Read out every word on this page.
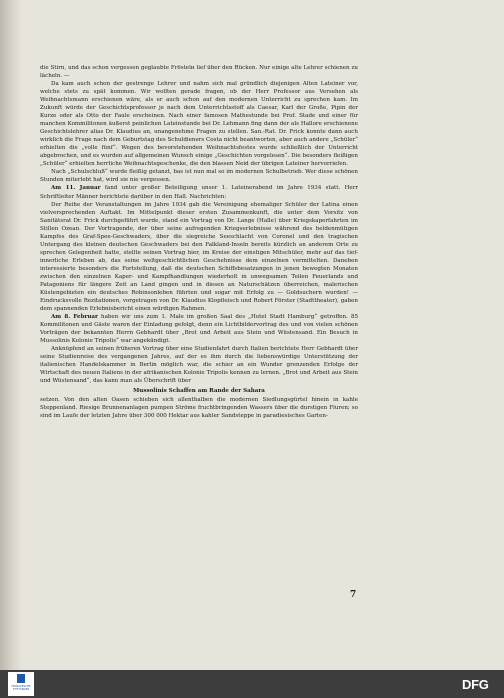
die Stirn, und das schon vergessen geglaubte Fröstelн lief über den Rücken. Nur einige alte Lehrer schienen zu lächeln. —

Da kam auch schon der gestrenge Lehrer und nahm sich mal gründlich diejenigen Alten Lateiner vor, welche stets zu spät kommen. Wir wollten gerade fragen, ob der Herr Professor aus Versehen als Weihnachtsmann erschienen wäre, als er auch schon auf den modernen Unterricht zu sprechen kam. Im Zukunft würde der Geschichtsprofessor je nach dem Unterrichtsstoff als Caesar, Karl der Große, Pipin der Kurze oder als Otto der Faule erscheinen. Nach einer famosen Mathestunde bei Prof. Stade und einer für manchen Kommilitonen äußerst peinlichen Lateinstunde bei Dr. Lehmann fing dann der als Hallore erschienene Geschichtslehrer alias Dr. Klaudius an, unangenehme Fragen zu stellen. San.-Rat. Dr. Frick konnte dann auch wirklich die Frage nach dem Geburtstag des Schuldieners Costa nicht beantworten, aber auch andere „Schüler“ erhielten die „volle fünf“. Wegen des bevorstehenden Weihnachtsfestes wurde schließlich der Unterricht abgebrochen, und es wurden auf allgemeinen Wunsch einige „Geschichten vorgelesen“. Die besonders fleißigen „Schüler“ erhielten herrliche Weihnachtsgeschenke, die den blassen Neid der übrigen Lateiner hervorriefen.

Nach „Schulschluß“ wurde fleißig getanzt, bas ist nun mal so im modernen Schulbetrieb. Wer diese schönen Stunden miterlebt hat, wird sie nie vergessen.

Am 11. Januar fand unter großer Beteiligung unser 1. Lateinerabend im Jahre 1934 statt. Herr Schriftleiter Männer berichtete darüber in den Hall. Nachrichten:

Der Reihe der Veranstaltungen im Jahre 1934 gab die Vereinigung ehemaliger Schüler der Latina einen vielversprechenden Auftakt. Im Mittelpunkt dieser ersten Zusammenkunft, die unter dem Vorsitz von Sanitätsrat Dr. Frick durchgeführt wurde, stand ein Vortrag von Dr. Lange (Halle) über Kriegskaperfahrten im Stillen Ozean. Der Vortragende, der über seine aufregenden Kriegserlebnisse während des heldenmütigen Kampfes des Graf-Spee-Geschwaders, über die siegreiche Seeschlacht von Coronel und den tragischen Untergang des kleinen deutschen Geschwaders bei den Falkland-Inseln bereits kürzlich an anderem Orte zu sprechen Gelegenheit hatte, stellte seinen Vortrag hier, im Kreise der einstigen Mitschüler, mehr auf das tief-innerliche Erleben ab, das seine weltgeschichtlichen Geschehnisse dem einzelnen vermittelten. Daneben interessierte besonders die Fortstellung, daß die deutschen Schiffsbesatzungen in jenen bewegten Monaten zwischen den einzelnen Kaper- und Kampfhandlungen wiederholt in unwegsamen Teilen Feuerlands und Patagoniens für längere Zeit an Land gingen und in diesen an Naturschätzen überreichen, malerischen Küstengebieten ein deutsches Robinsonleben führten und sogar mit Erfolg zu — Goldsuchern wurden! — Eindrucksvolle Rezitationen, vorgetragen von Dr. Klaudius Klopfleisch und Robert Förster (Stadttheater), gaben dem spannenden Erlebnisbericht einen würdigen Rahmen.

Am 8. Februar haben wir uns zum 1. Male im großen Saal des „Hotel Stadt Hamburg“ getroffen. 85 Kommilitonen und Gäste waren der Einladung gefolgt, denn ein Lichtbildervortrag des und von vielen schönen Vorträgen der bekannten Herrn Gebhardt über „Brot und Arbeit aus Stein und Wüstensand. Ein Besuch in Mussolinis Kolonie Tripolis“ war angekündigt.

Anknüpfend an seinen früheren Vortrag über eine Studienfahrt durch Italien berichtete Herr Gebhardt über seine Studienreise des vergangenen Jahres, auf der es ihm durch die liebenswürdige Unterstützung der italienischen Handelskammer in Berlin möglich war, die schier an ein Wunder grenzenden Erfolge der Wirtschaft des neuen Italiens in der afrikanischen Kolonie Tripolis kennen zu lernen. „Brot und Arbeit aus Stein und Wüstensand“, das kann man als Überschrift über

Mussolinis Schaffen am Rande der Sahara

setzen. Von den alten Oasen schieben sich allenthalben die modernen Siedlungsgürtel hinein in kahle Steppenland. Riesige Brunnenanlagen pumpen Ströme fruchtbringenden Wassers über die durstigen Fluren; so sind im Laufe der letzten Jahre über 300 000 Hektar aus kahler Sandsteppe in paradiesisches Garten-

7
FRANCKESCHE
STIFTUNGEN	DFG
